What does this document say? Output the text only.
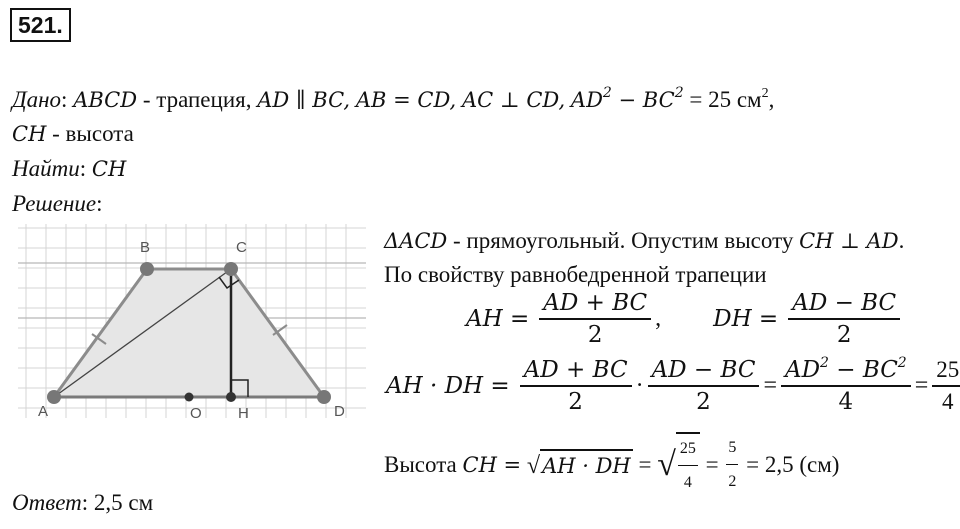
521.
Дано: ABCD - трапеция, AD ∥ BC, AB = CD, AC ⊥ CD, $AD^2 - BC^2 = 25$ $см^2$,
CH - высота
Найти: CH
Решение:
B	C
A	D
O H
ΔACD - прямоугольный. Опустим высоту CH ⊥ AD.
По свойству равнобедренной трапеции
AH = $\frac{AD + BC}{2}$ , DH = $\frac{AD - BC}{2}$
AH · DH = $\frac{AD + BC}{2} \cdot \frac{AD - BC}{2} = \frac{AD^2 - BC^2}{4} = \frac{25}{4}$
Высота CH = √AH · DH = √ $\frac{25}{4} = \frac{5}{2} = 2,5$ (см)
Ответ: 2,5 см
